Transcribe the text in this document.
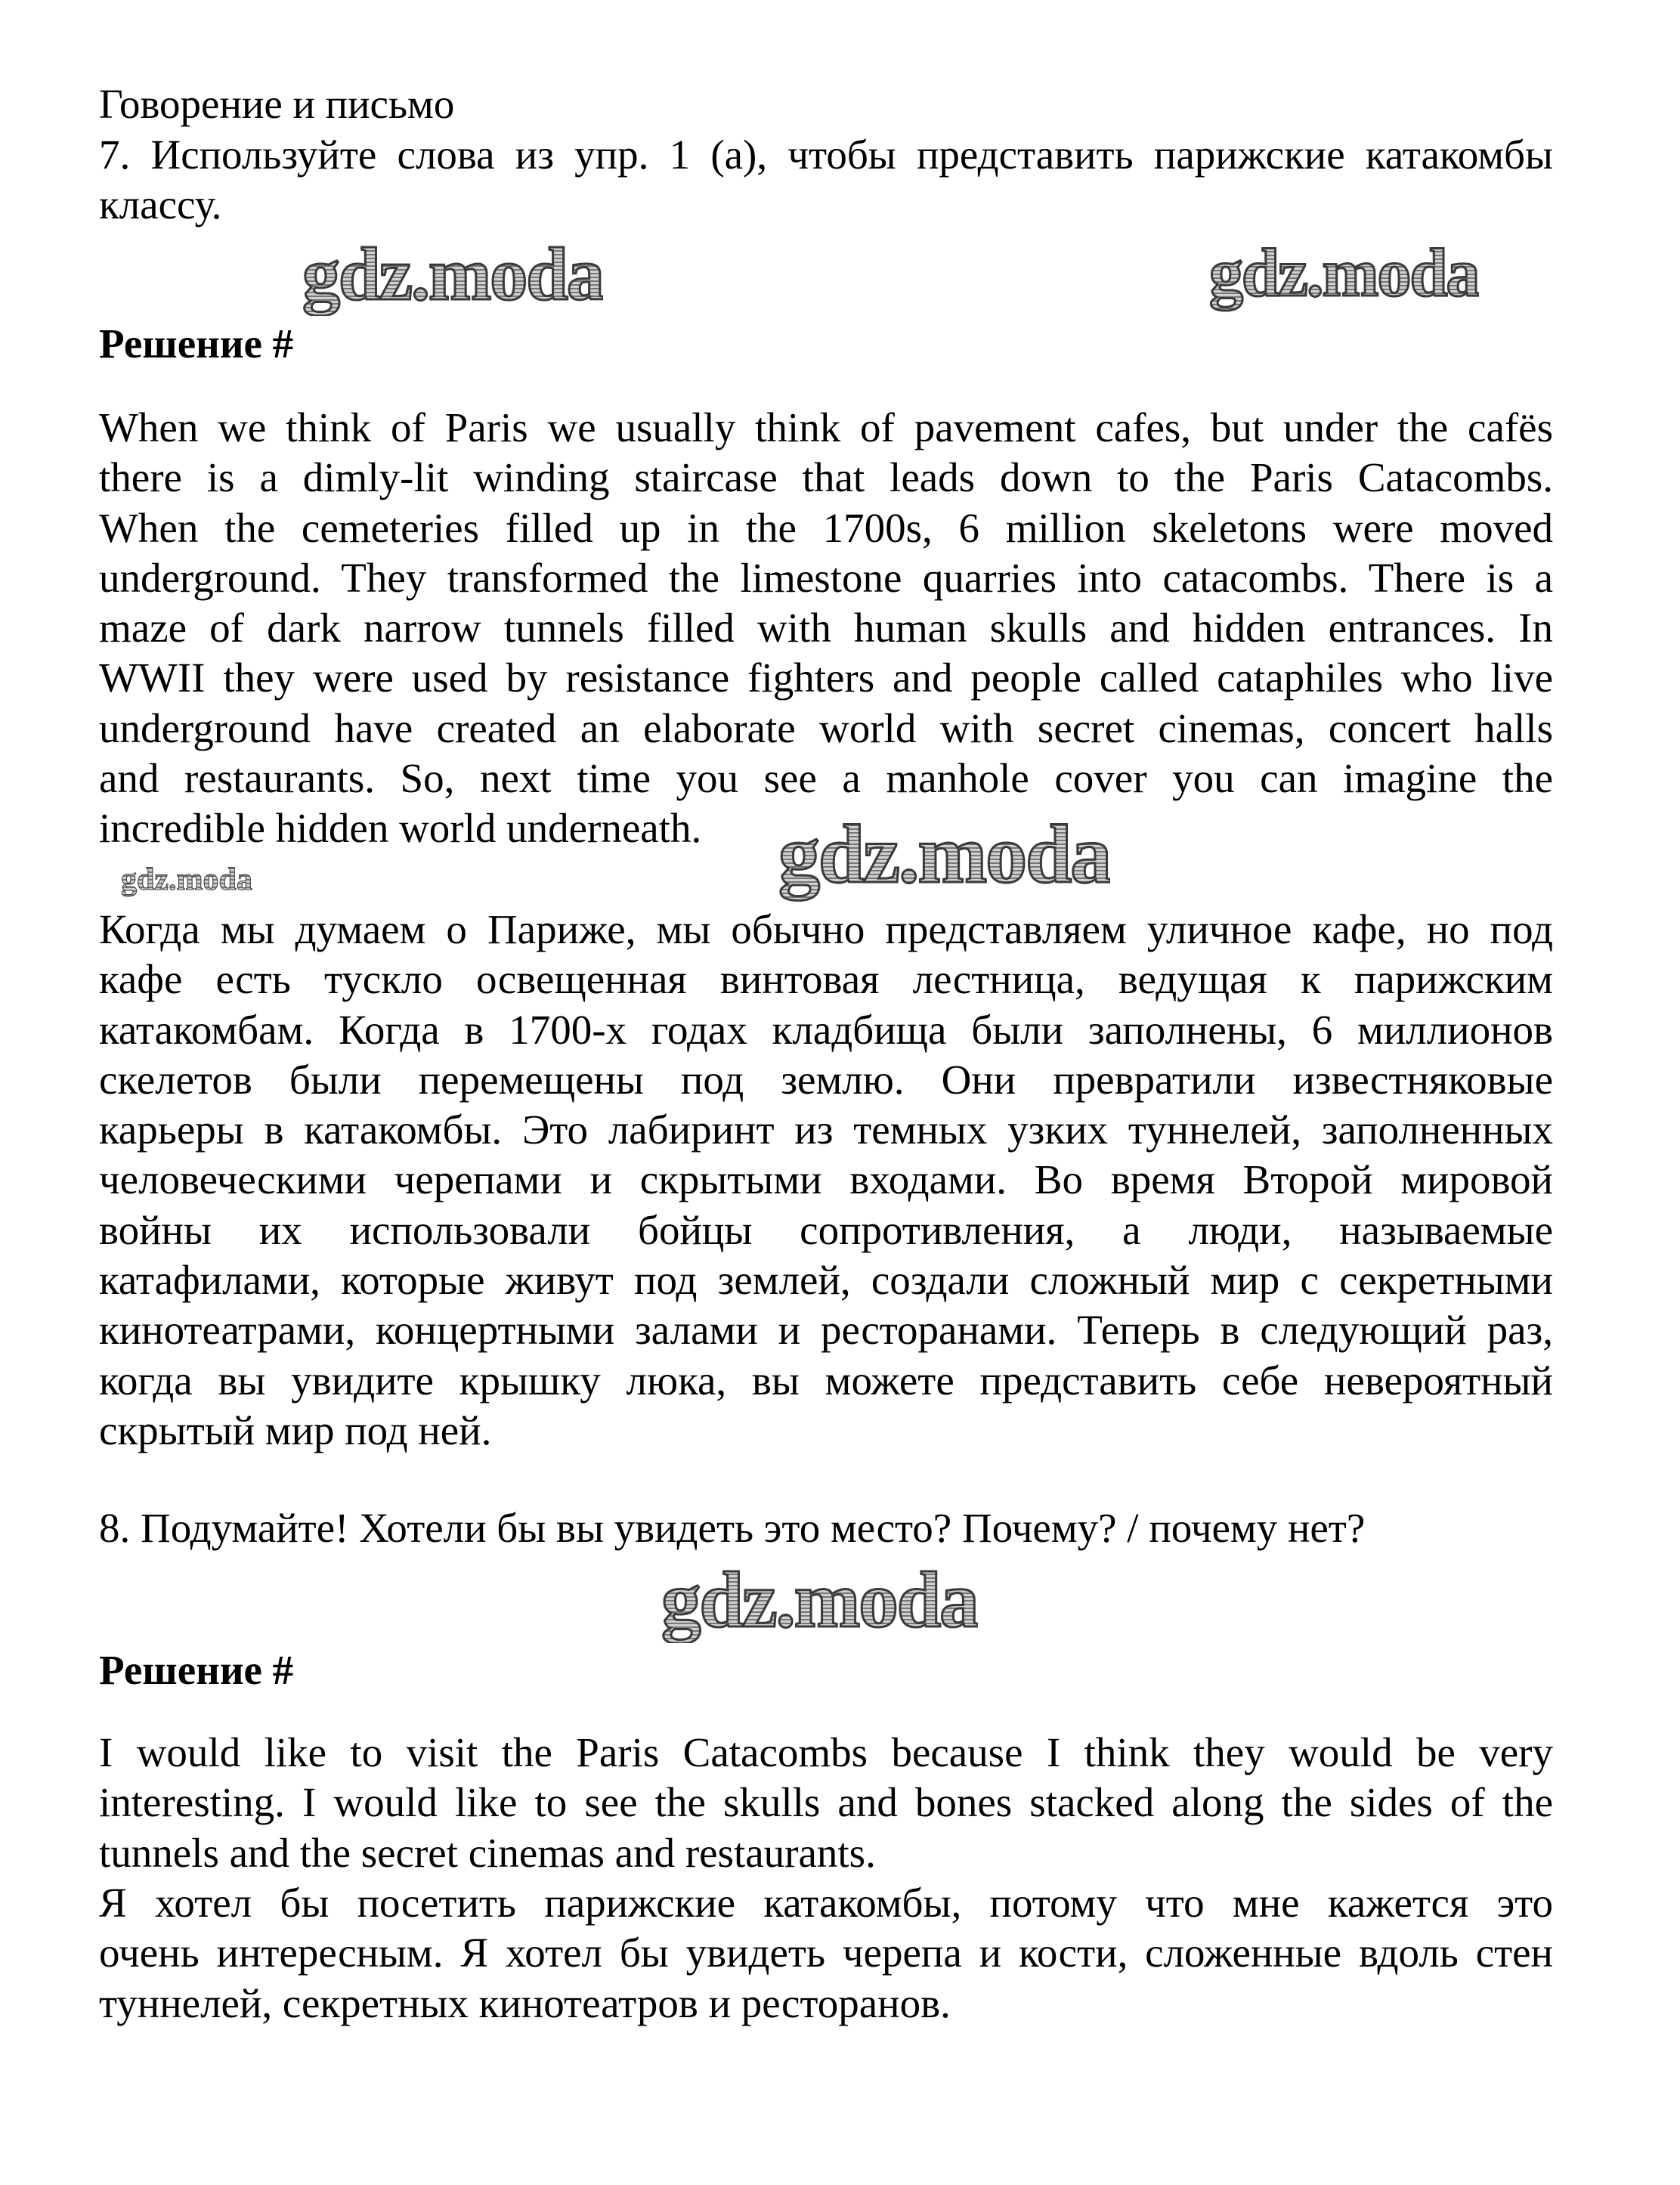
Говорение и письмо
7. Используйте слова из упр. 1 (a), чтобы представить парижские катакомбы
классу.
Решение #
When we think of Paris we usually think of pavement cafes, but under the cafës
there is a dimly-lit winding staircase that leads down to the Paris Catacombs.
When the cemeteries filled up in the 1700s, 6 million skeletons were moved
underground. They transformed the limestone quarries into catacombs. There is a
maze of dark narrow tunnels filled with human skulls and hidden entrances. In
WWII they were used by resistance fighters and people called cataphiles who live
underground have created an elaborate world with secret cinemas, concert halls
and restaurants. So, next time you see a manhole cover you can imagine the
incredible hidden world underneath.
Когда мы думаем о Париже, мы обычно представляем уличное кафе, но под
кафе есть тускло освещенная винтовая лестница, ведущая к парижским
катакомбам. Когда в 1700-х годах кладбища были заполнены, 6 миллионов
скелетов были перемещены под землю. Они превратили известняковые
карьеры в катакомбы. Это лабиринт из темных узких туннелей, заполненных
человеческими черепами и скрытыми входами. Во время Второй мировой
войны их использовали бойцы сопротивления, а люди, называемые
катафилами, которые живут под землей, создали сложный мир с секретными
кинотеатрами, концертными залами и ресторанами. Теперь в следующий раз,
когда вы увидите крышку люка, вы можете представить себе невероятный
скрытый мир под ней.
8. Подумайте! Хотели бы вы увидеть это место? Почему? / почему нет?
Решение #
I would like to visit the Paris Catacombs because I think they would be very
interesting. I would like to see the skulls and bones stacked along the sides of the
tunnels and the secret cinemas and restaurants.
Я хотел бы посетить парижские катакомбы, потому что мне кажется это
очень интересным. Я хотел бы увидеть черепа и кости, сложенные вдоль стен
туннелей, секретных кинотеатров и ресторанов.
gdz.moda	gdz.moda
gdz.moda
gdz.moda
gdz.moda
